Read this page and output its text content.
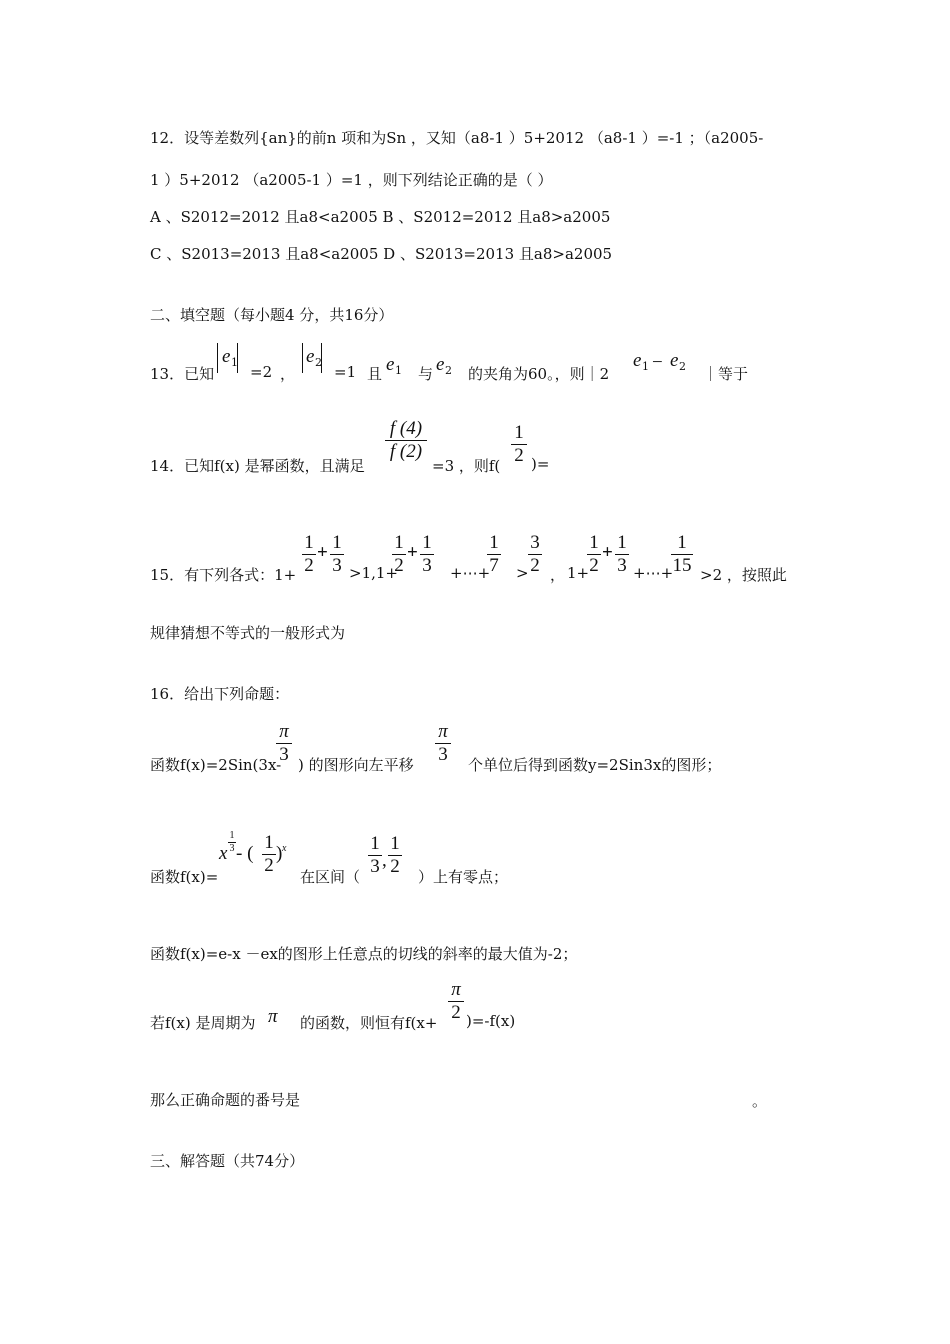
12．设等差数列{an}的前n 项和为Sn ，又知（a8-1 ）5+2012 （a8-1 ）=-1 ；（a2005-
1 ）5+2012 （a2005-1 ）=1 ，则下列结论正确的是（ ）
A 、S2012=2012 且a8<a2005 B 、S2012=2012 且a8>a2005
C 、S2013=2013 且a8<a2005 D 、S2013=2013 且a8>a2005
二、填空题（每小题4 分，共16分）
13．已知
e 1
=2 ，
e 2
=1 且 e 1 与 e 2 的夹角为60。，则｜2
e 1 − e 2 ｜等于
14．已知f(x) 是幂函数，且满足
f (4)
f (2)
=3 ，则f(
1
2 )=
15．有下列各式：1+
1
2
+ 1
3 >1,1+
1
2
+ 1
3 +⋯+
1
7 >
3
2 ， 1+
1
2
+ 1
3 +⋯+
1
15 >2 ，按照此
规律猜想不等式的一般形式为
16．给出下列命题：
函数f(x)=2Sin(3x-
π
3 ) 的图形向左平移
π
3 个单位后得到函数y=2Sin3x的图形；
函数f(x)=
x
1
3 - (
1
2
) x
在区间（
1
3 ,
1
2 ）上有零点；
函数f(x)=e-x －ex的图形上任意点的切线的斜率的最大值为-2；
若f(x) 是周期为 π 的函数，则恒有f(x+
π
2 )=-f(x)
那么正确命题的番号是	。
三、解答题（共74分）
